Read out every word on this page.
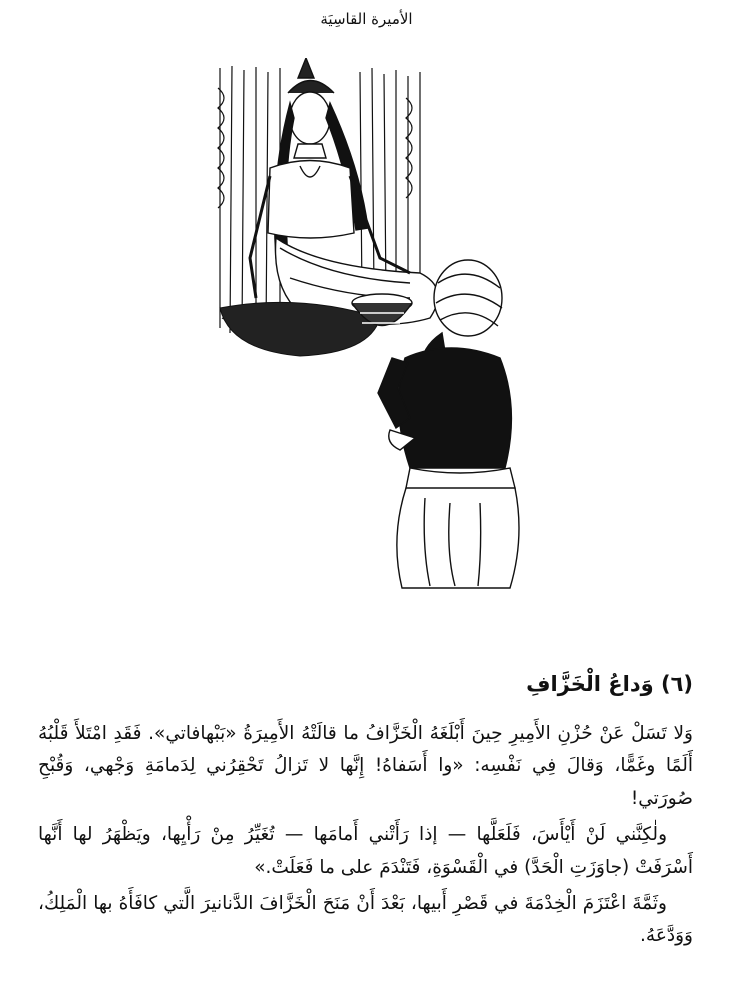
الأميرة القاسِيَة
(٦) وَداعُ الْخَزَّافِ

وَلا تَسَلْ عَنْ حُزْنِ الأَمِيرِ حِينَ أَبْلَغَهُ الْخَزَّافُ ما قالَتْهُ الأَمِيرَةُ «بَبْهافاتي». فَقَدِ امْتَلأَ قَلْبُهُ أَلَمًا وغَمًّا، وَقالَ فِي نَفْسِه: «وا أَسَفاهُ! إِنَّها لا تَزالُ تَحْقِرُني لِدَمامَةِ وَجْهي، وَقُبْحِ صُورَتي!

ولٰكِنَّني لَنْ أَيْأَسَ، فَلَعَلَّها — إذا رَأَتْني أَمامَها — تُغَيِّرُ مِنْ رَأْيِها، ويَظْهَرُ لها أَنَّها أَسْرَفَتْ (جاوَزَتِ الْحَدَّ) في الْقَسْوَةِ، فَتَنْدَمَ على ما فَعَلَتْ.»

وثَمَّةَ اعْتَزَمَ الْخِدْمَةَ في قَصْرِ أَبيها، بَعْدَ أَنْ مَنَحَ الْخَزَّافَ الدَّنانيرَ الَّتي كافَأَهُ بها الْمَلِكُ، وَوَدَّعَهُ.
